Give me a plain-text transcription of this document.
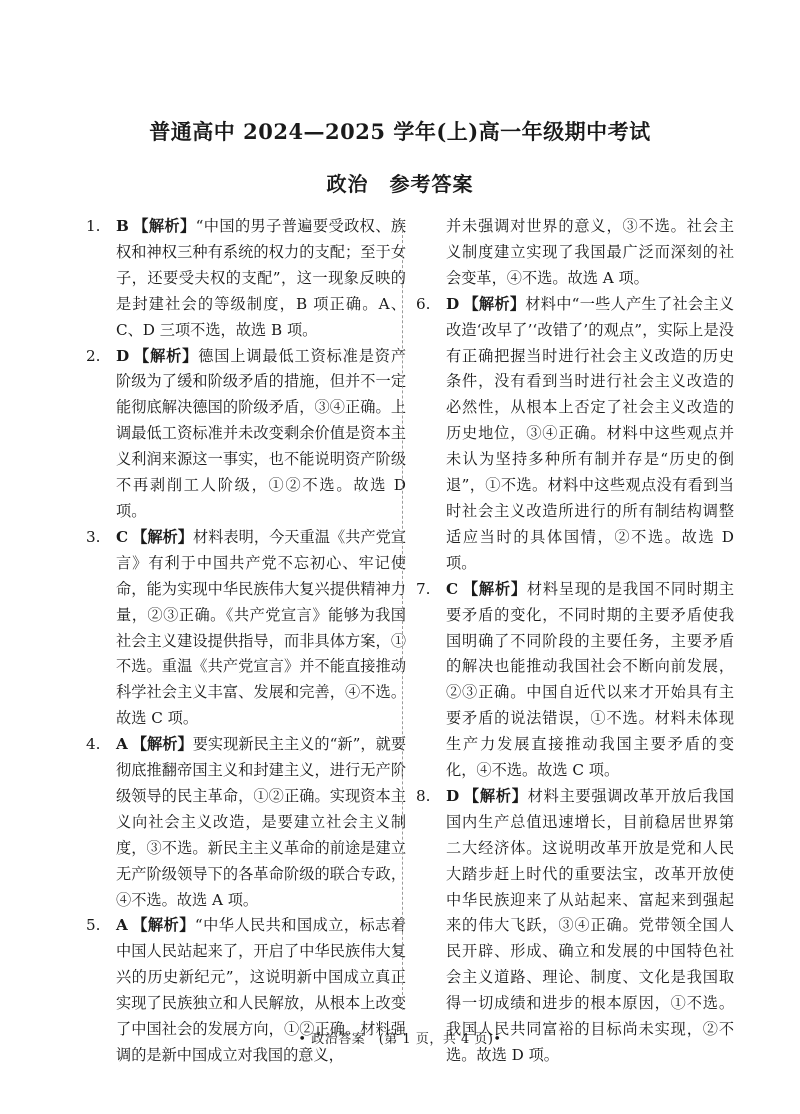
普通高中 2024—2025 学年(上)高一年级期中考试
政治　参考答案
1. B 【解析】“中国的男子普遍要受政权、族权和神权三种有系统的权力的支配；至于女子，还要受夫权的支配”，这一现象反映的是封建社会的等级制度，B 项正确。A、C、D 三项不选，故选 B 项。
2. D 【解析】德国上调最低工资标准是资产阶级为了缓和阶级矛盾的措施，但并不一定能彻底解决德国的阶级矛盾，③④正确。上调最低工资标准并未改变剩余价值是资本主义利润来源这一事实，也不能说明资产阶级不再剥削工人阶级，①②不选。故选 D 项。
3. C 【解析】材料表明，今天重温《共产党宣言》有利于中国共产党不忘初心、牢记使命，能为实现中华民族伟大复兴提供精神力量，②③正确。《共产党宣言》能够为我国社会主义建设提供指导，而非具体方案，①不选。重温《共产党宣言》并不能直接推动科学社会主义丰富、发展和完善，④不选。故选 C 项。
4. A 【解析】要实现新民主主义的“新”，就要彻底推翻帝国主义和封建主义，进行无产阶级领导的民主革命，①②正确。实现资本主义向社会主义改造，是要建立社会主义制度，③不选。新民主主义革命的前途是建立无产阶级领导下的各革命阶级的联合专政，④不选。故选 A 项。
5. A 【解析】“中华人民共和国成立，标志着中国人民站起来了，开启了中华民族伟大复兴的历史新纪元”，这说明新中国成立真正实现了民族独立和人民解放，从根本上改变了中国社会的发展方向，①②正确。材料强调的是新中国成立对我国的意义，
并未强调对世界的意义，③不选。社会主义制度建立实现了我国最广泛而深刻的社会变革，④不选。故选 A 项。
6. D 【解析】材料中“一些人产生了社会主义改造‘改早了’‘改错了’的观点”，实际上是没有正确把握当时进行社会主义改造的历史条件，没有看到当时进行社会主义改造的必然性，从根本上否定了社会主义改造的历史地位，③④正确。材料中这些观点并未认为坚持多种所有制并存是“历史的倒退”，①不选。材料中这些观点没有看到当时社会主义改造所进行的所有制结构调整适应当时的具体国情，②不选。故选 D 项。
7. C 【解析】材料呈现的是我国不同时期主要矛盾的变化，不同时期的主要矛盾使我国明确了不同阶段的主要任务，主要矛盾的解决也能推动我国社会不断向前发展，②③正确。中国自近代以来才开始具有主要矛盾的说法错误，①不选。材料未体现生产力发展直接推动我国主要矛盾的变化，④不选。故选 C 项。
8. D 【解析】材料主要强调改革开放后我国国内生产总值迅速增长，目前稳居世界第二大经济体。这说明改革开放是党和人民大踏步赶上时代的重要法宝，改革开放使中华民族迎来了从站起来、富起来到强起来的伟大飞跃，③④正确。党带领全国人民开辟、形成、确立和发展的中国特色社会主义道路、理论、制度、文化是我国取得一切成绩和进步的根本原因，①不选。我国人民共同富裕的目标尚未实现，②不选。故选 D 项。
• 政治答案　(第 1 页，共 4 页)•
